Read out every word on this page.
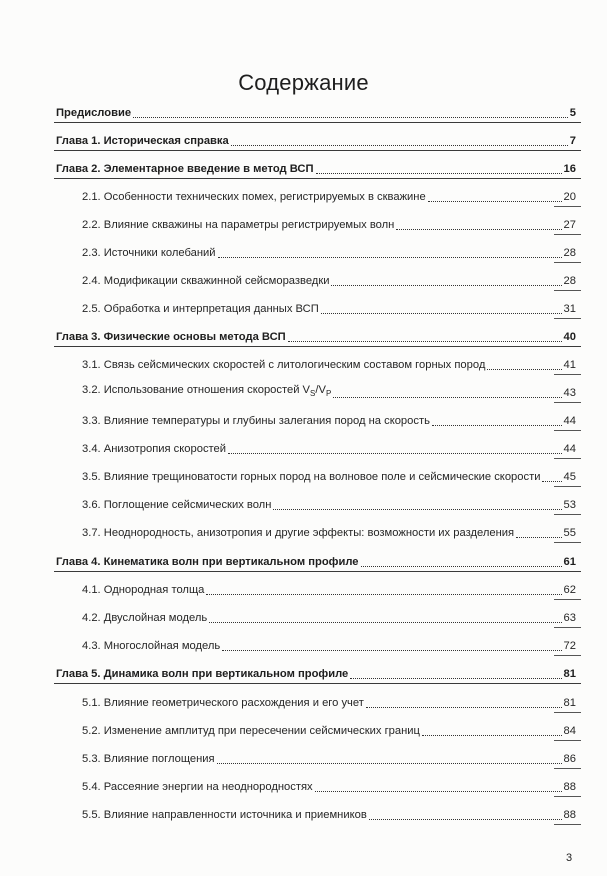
Содержание
Предисловие	5
Глава 1. Историческая справка	7
Глава 2. Элементарное введение в метод ВСП	16
2.1. Особенности технических помех, регистрируемых в скважине	20
2.2. Влияние скважины на параметры регистрируемых волн	27
2.3. Источники колебаний	28
2.4. Модификации скважинной сейсморазведки	28
2.5. Обработка и интерпретация данных ВСП	31
Глава 3. Физические основы метода ВСП	40
3.1. Связь сейсмических скоростей с литологическим составом горных пород	41
3.2. Использование отношения скоростей $V_S/V_P$	43
3.3. Влияние температуры и глубины залегания пород на скорость	44
3.4. Анизотропия скоростей	44
3.5. Влияние трещиноватости горных пород на волновое поле и сейсмические скорости 45
3.6. Поглощение сейсмических волн	53
3.7. Неоднородность, анизотропия и другие эффекты: возможности их разделения	55
Глава 4. Кинематика волн при вертикальном профиле	61
4.1. Однородная толща	62
4.2. Двуслойная модель	63
4.3. Многослойная модель	72
Глава 5. Динамика волн при вертикальном профиле	81
5.1. Влияние геометрического расхождения и его учет	81
5.2. Изменение амплитуд при пересечении сейсмических границ	84
5.3. Влияние поглощения	86
5.4. Рассеяние энергии на неоднородностях	88
5.5. Влияние направленности источника и приемников	88
3
